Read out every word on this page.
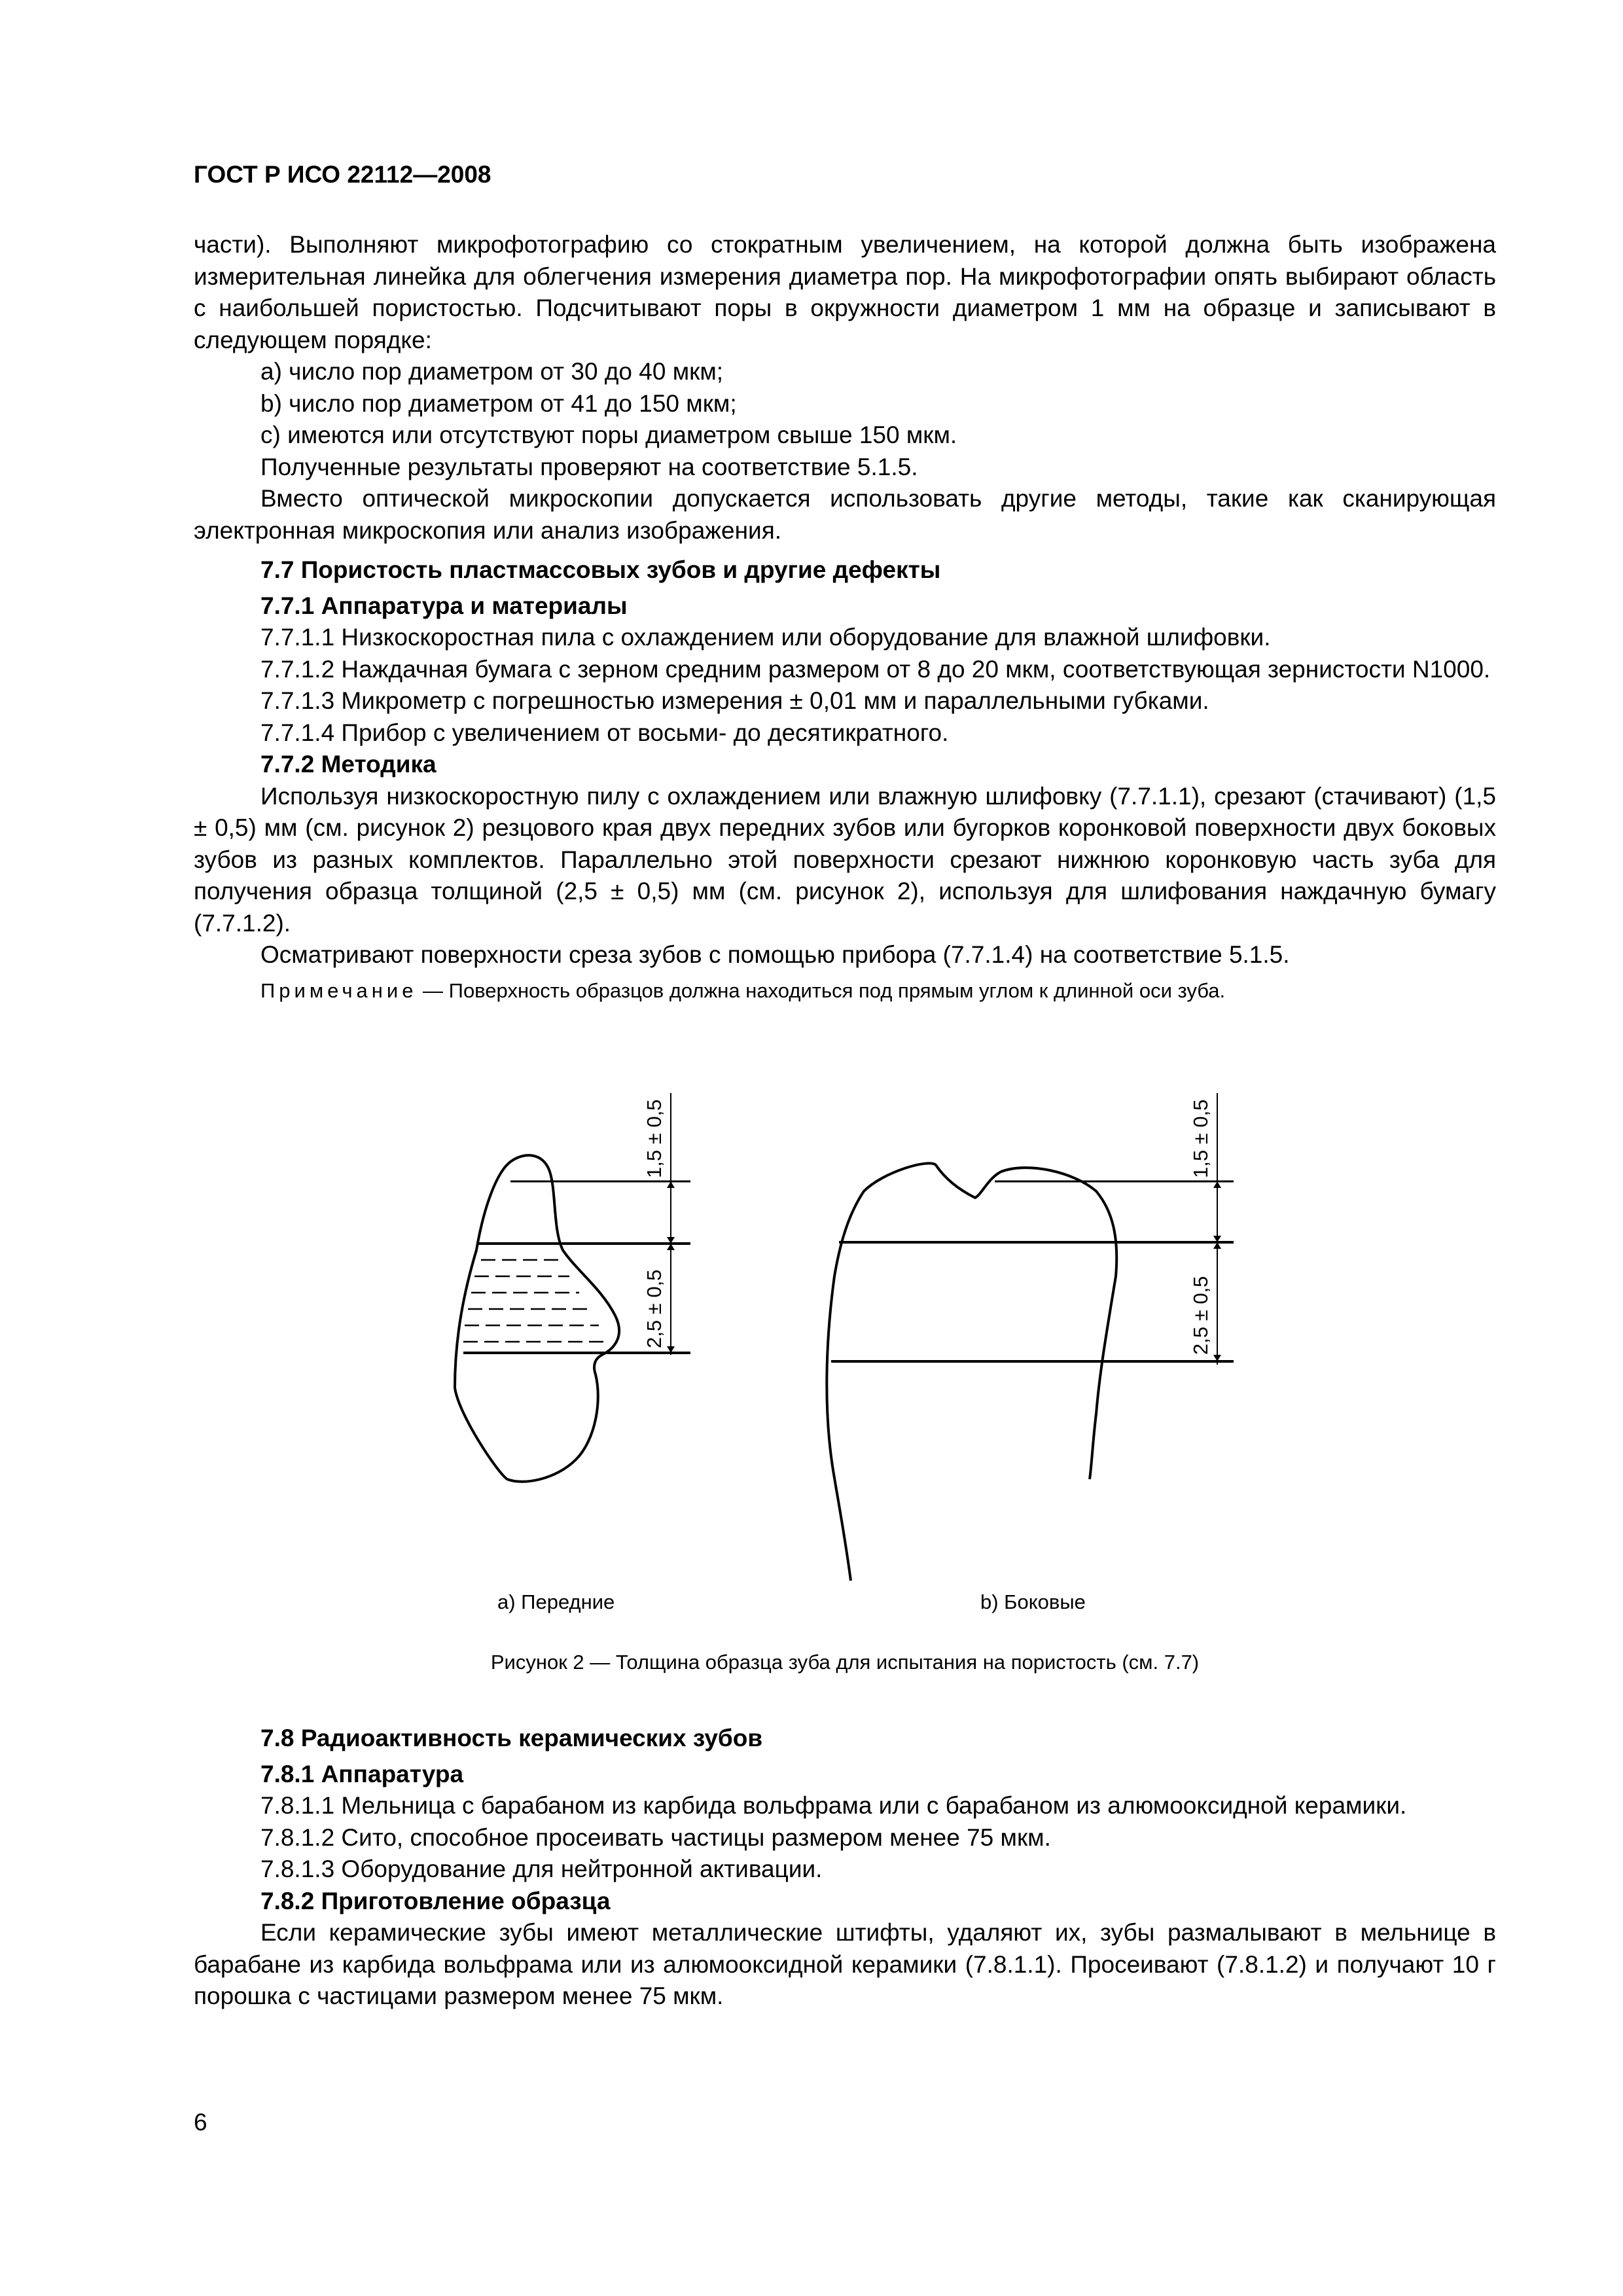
ГОСТ Р ИСО 22112—2008

части). Выполняют микрофотографию со стократным увеличением, на которой должна быть изображена измерительная линейка для облегчения измерения диаметра пор. На микрофотографии опять выбирают область с наибольшей пористостью. Подсчитывают поры в окружности диаметром 1 мм на образце и записывают в следующем порядке:

a) число пор диаметром от 30 до 40 мкм;

b) число пор диаметром от 41 до 150 мкм;

c) имеются или отсутствуют поры диаметром свыше 150 мкм.

Полученные результаты проверяют на соответствие 5.1.5.

Вместо оптической микроскопии допускается использовать другие методы, такие как сканирующая электронная микроскопия или анализ изображения.

7.7 Пористость пластмассовых зубов и другие дефекты

7.7.1 Аппаратура и материалы

7.7.1.1 Низкоскоростная пила с охлаждением или оборудование для влажной шлифовки.

7.7.1.2 Наждачная бумага с зерном средним размером от 8 до 20 мкм, соответствующая зернистости N1000.

7.7.1.3 Микрометр с погрешностью измерения ± 0,01 мм и параллельными губками.

7.7.1.4 Прибор с увеличением от восьми- до десятикратного.

7.7.2 Методика

Используя низкоскоростную пилу с охлаждением или влажную шлифовку (7.7.1.1), срезают (стачивают) (1,5 ± 0,5) мм (см. рисунок 2) резцового края двух передних зубов или бугорков коронковой поверхности двух боковых зубов из разных комплектов. Параллельно этой поверхности срезают нижнюю коронковую часть зуба для получения образца толщиной (2,5 ± 0,5) мм (см. рисунок 2), используя для шлифования наждачную бумагу (7.7.1.2).

Осматривают поверхности среза зубов с помощью прибора (7.7.1.4) на соответствие 5.1.5.

Примечание — Поверхность образцов должна находиться под прямым углом к длинной оси зуба.

1,5 ± 0,5
2,5 ± 0,5
1,5 ± 0,5
2,5 ± 0,5
a) Передние	b) Боковые
Рисунок 2 — Толщина образца зуба для испытания на пористость (см. 7.7)

7.8 Радиоактивность керамических зубов

7.8.1 Аппаратура

7.8.1.1 Мельница с барабаном из карбида вольфрама или с барабаном из алюмооксидной керамики.

7.8.1.2 Сито, способное просеивать частицы размером менее 75 мкм.

7.8.1.3 Оборудование для нейтронной активации.

7.8.2 Приготовление образца

Если керамические зубы имеют металлические штифты, удаляют их, зубы размалывают в мельнице в барабане из карбида вольфрама или из алюмооксидной керамики (7.8.1.1). Просеивают (7.8.1.2) и получают 10 г порошка с частицами размером менее 75 мкм.

6
